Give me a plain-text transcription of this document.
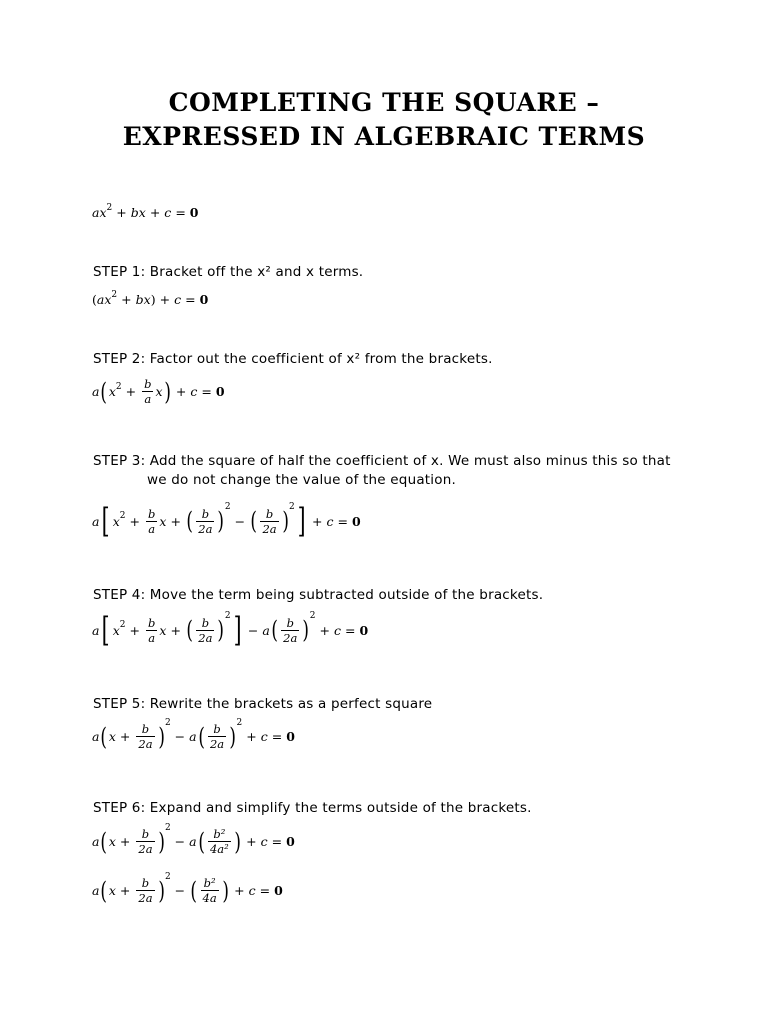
COMPLETING THE SQUARE –
EXPRESSED IN ALGEBRAIC TERMS
a x 2 + b x + c = 0
STEP 1: Bracket off the x² and x terms.
( a x 2 + b x ) + c = 0
STEP 2: Factor out the coefficient of x² from the brackets.
a ( x $2 + \frac{b}{a}$ x ) + c = 0
STEP 3: Add the square of half the coefficient of x. We must also minus this so that
we do not change the value of the equation.
a [ x $2 + \frac{b}{a}$ x + ( $\frac{b}{2a}$ ) 2
− ( $\frac{b}{2a}$ ) 2 ] + c = 0
STEP 4: Move the term being subtracted outside of the brackets.
a [ x $2 + \frac{b}{a}$ x + ( $\frac{b}{2a}$ ) 2 ] − a ( $\frac{b}{2a}$ ) 2
+ c = 0
STEP 5: Rewrite the brackets as a perfect square
a ( $x + \frac{b}{2a}$ ) 2
− a ( $\frac{b}{2a}$ ) 2
+ c = 0
STEP 6: Expand and simplify the terms outside of the brackets.
a ( $x + \frac{b}{2a}$ ) 2
− a ( $\frac{\text{b²}}{\text{4a²}}$ ) + c = 0
a ( $x + \frac{b}{2a}$ ) 2
− ( $\frac{\text{b²}}{4a}$ ) + c = 0
